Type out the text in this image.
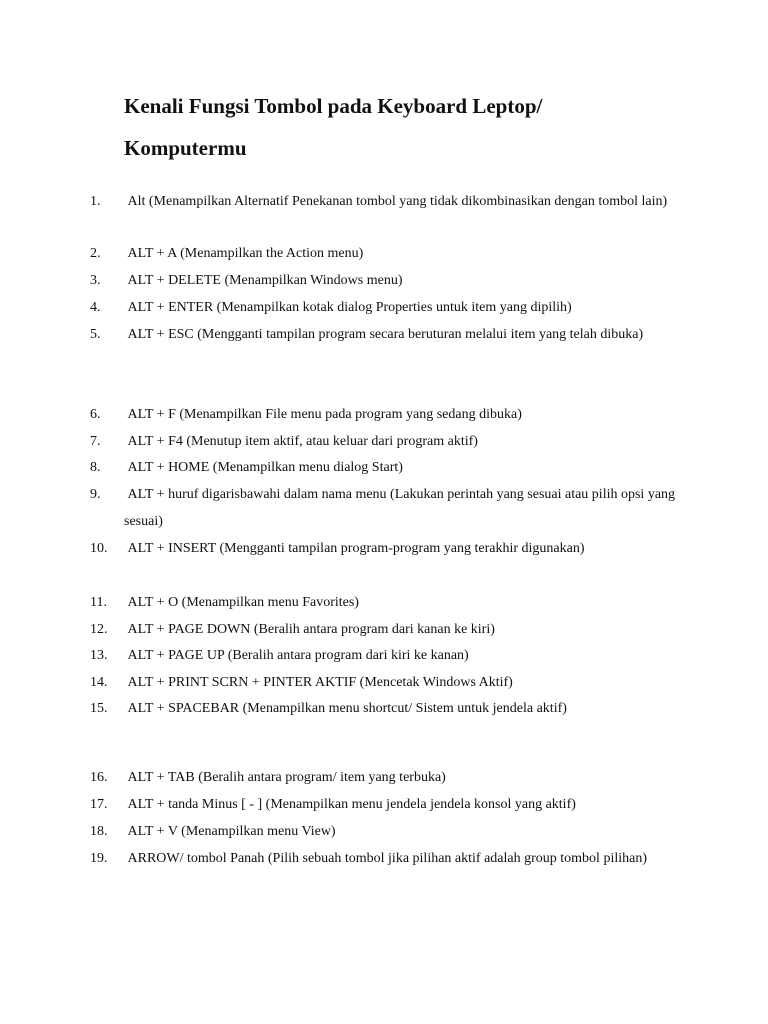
Kenali Fungsi Tombol pada Keyboard Leptop/
Komputermu
1. Alt (Menampilkan Alternatif Penekanan tombol yang tidak dikombinasikan dengan tombol lain)
2. ALT + A (Menampilkan the Action menu)
3. ALT + DELETE (Menampilkan Windows menu)
4. ALT + ENTER (Menampilkan kotak dialog Properties untuk item yang dipilih)
5. ALT + ESC (Mengganti tampilan program secara beruturan melalui item yang telah dibuka)
6. ALT + F (Menampilkan File menu pada program yang sedang dibuka)
7. ALT + F4 (Menutup item aktif, atau keluar dari program aktif)
8. ALT + HOME (Menampilkan menu dialog Start)
9. ALT + huruf digarisbawahi dalam nama menu (Lakukan perintah yang sesuai atau pilih opsi yang sesuai)
10. ALT + INSERT (Mengganti tampilan program-program yang terakhir digunakan)
11. ALT + O (Menampilkan menu Favorites)
12. ALT + PAGE DOWN (Beralih antara program dari kanan ke kiri)
13. ALT + PAGE UP (Beralih antara program dari kiri ke kanan)
14. ALT + PRINT SCRN + PINTER AKTIF (Mencetak Windows Aktif)
15. ALT + SPACEBAR (Menampilkan menu shortcut/ Sistem untuk jendela aktif)
16. ALT + TAB (Beralih antara program/ item yang terbuka)
17. ALT + tanda Minus [ - ] (Menampilkan menu jendela jendela konsol yang aktif)
18. ALT + V (Menampilkan menu View)
19. ARROW/ tombol Panah (Pilih sebuah tombol jika pilihan aktif adalah group tombol pilihan)
